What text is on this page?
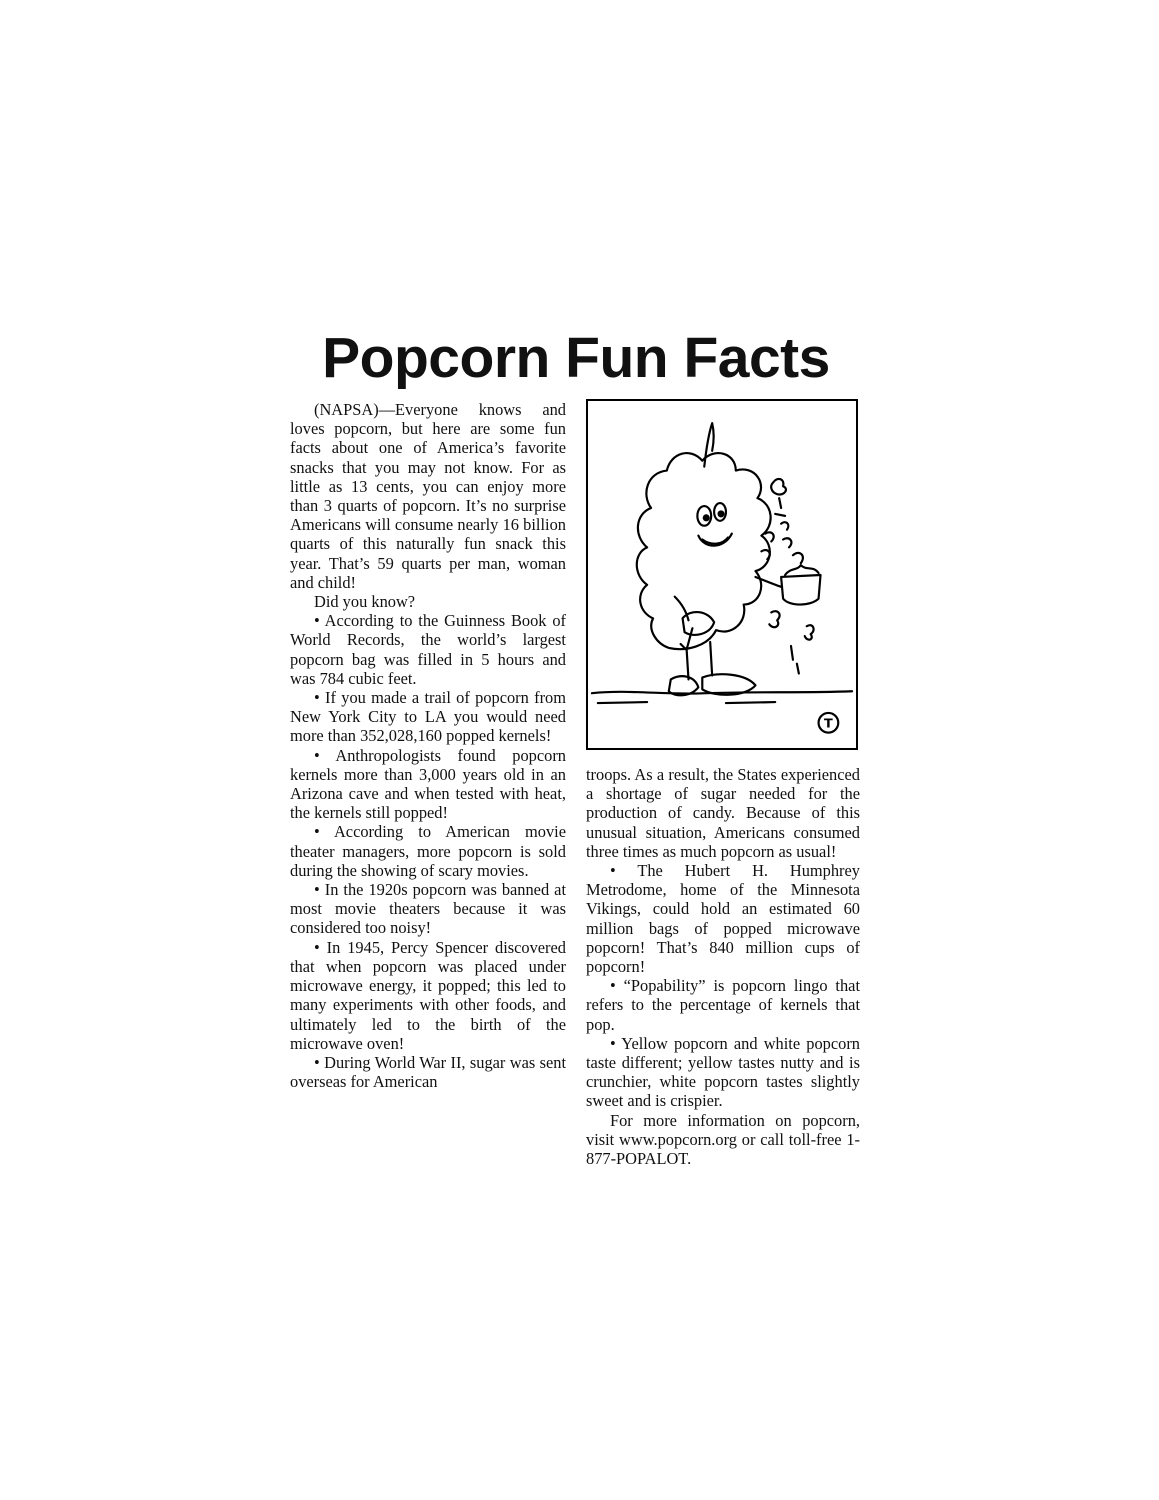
Popcorn Fun Facts

(NAPSA)—Everyone knows and loves popcorn, but here are some fun facts about one of America’s favorite snacks that you may not know. For as little as 13 cents, you can enjoy more than 3 quarts of popcorn. It’s no surprise Americans will consume nearly 16 billion quarts of this naturally fun snack this year. That’s 59 quarts per man, woman and child!

Did you know?

• According to the Guinness Book of World Records, the world’s largest popcorn bag was filled in 5 hours and was 784 cubic feet.

• If you made a trail of popcorn from New York City to LA you would need more than 352,028,160 popped kernels!

• Anthropologists found popcorn kernels more than 3,000 years old in an Arizona cave and when tested with heat, the kernels still popped!

• According to American movie theater managers, more popcorn is sold during the showing of scary movies.

• In the 1920s popcorn was banned at most movie theaters because it was considered too noisy!

• In 1945, Percy Spencer discovered that when popcorn was placed under microwave energy, it popped; this led to many experiments with other foods, and ultimately led to the birth of the microwave oven!

• During World War II, sugar was sent overseas for American

T

troops. As a result, the States experienced a shortage of sugar needed for the production of candy. Because of this unusual situation, Americans consumed three times as much popcorn as usual!

• The Hubert H. Humphrey Metrodome, home of the Minnesota Vikings, could hold an estimated 60 million bags of popped microwave popcorn! That’s 840 million cups of popcorn!

• “Popability” is popcorn lingo that refers to the percentage of kernels that pop.

• Yellow popcorn and white popcorn taste different; yellow tastes nutty and is crunchier, white popcorn tastes slightly sweet and is crispier.

For more information on popcorn, visit www.popcorn.org or call toll-free 1-877-POPALOT.
